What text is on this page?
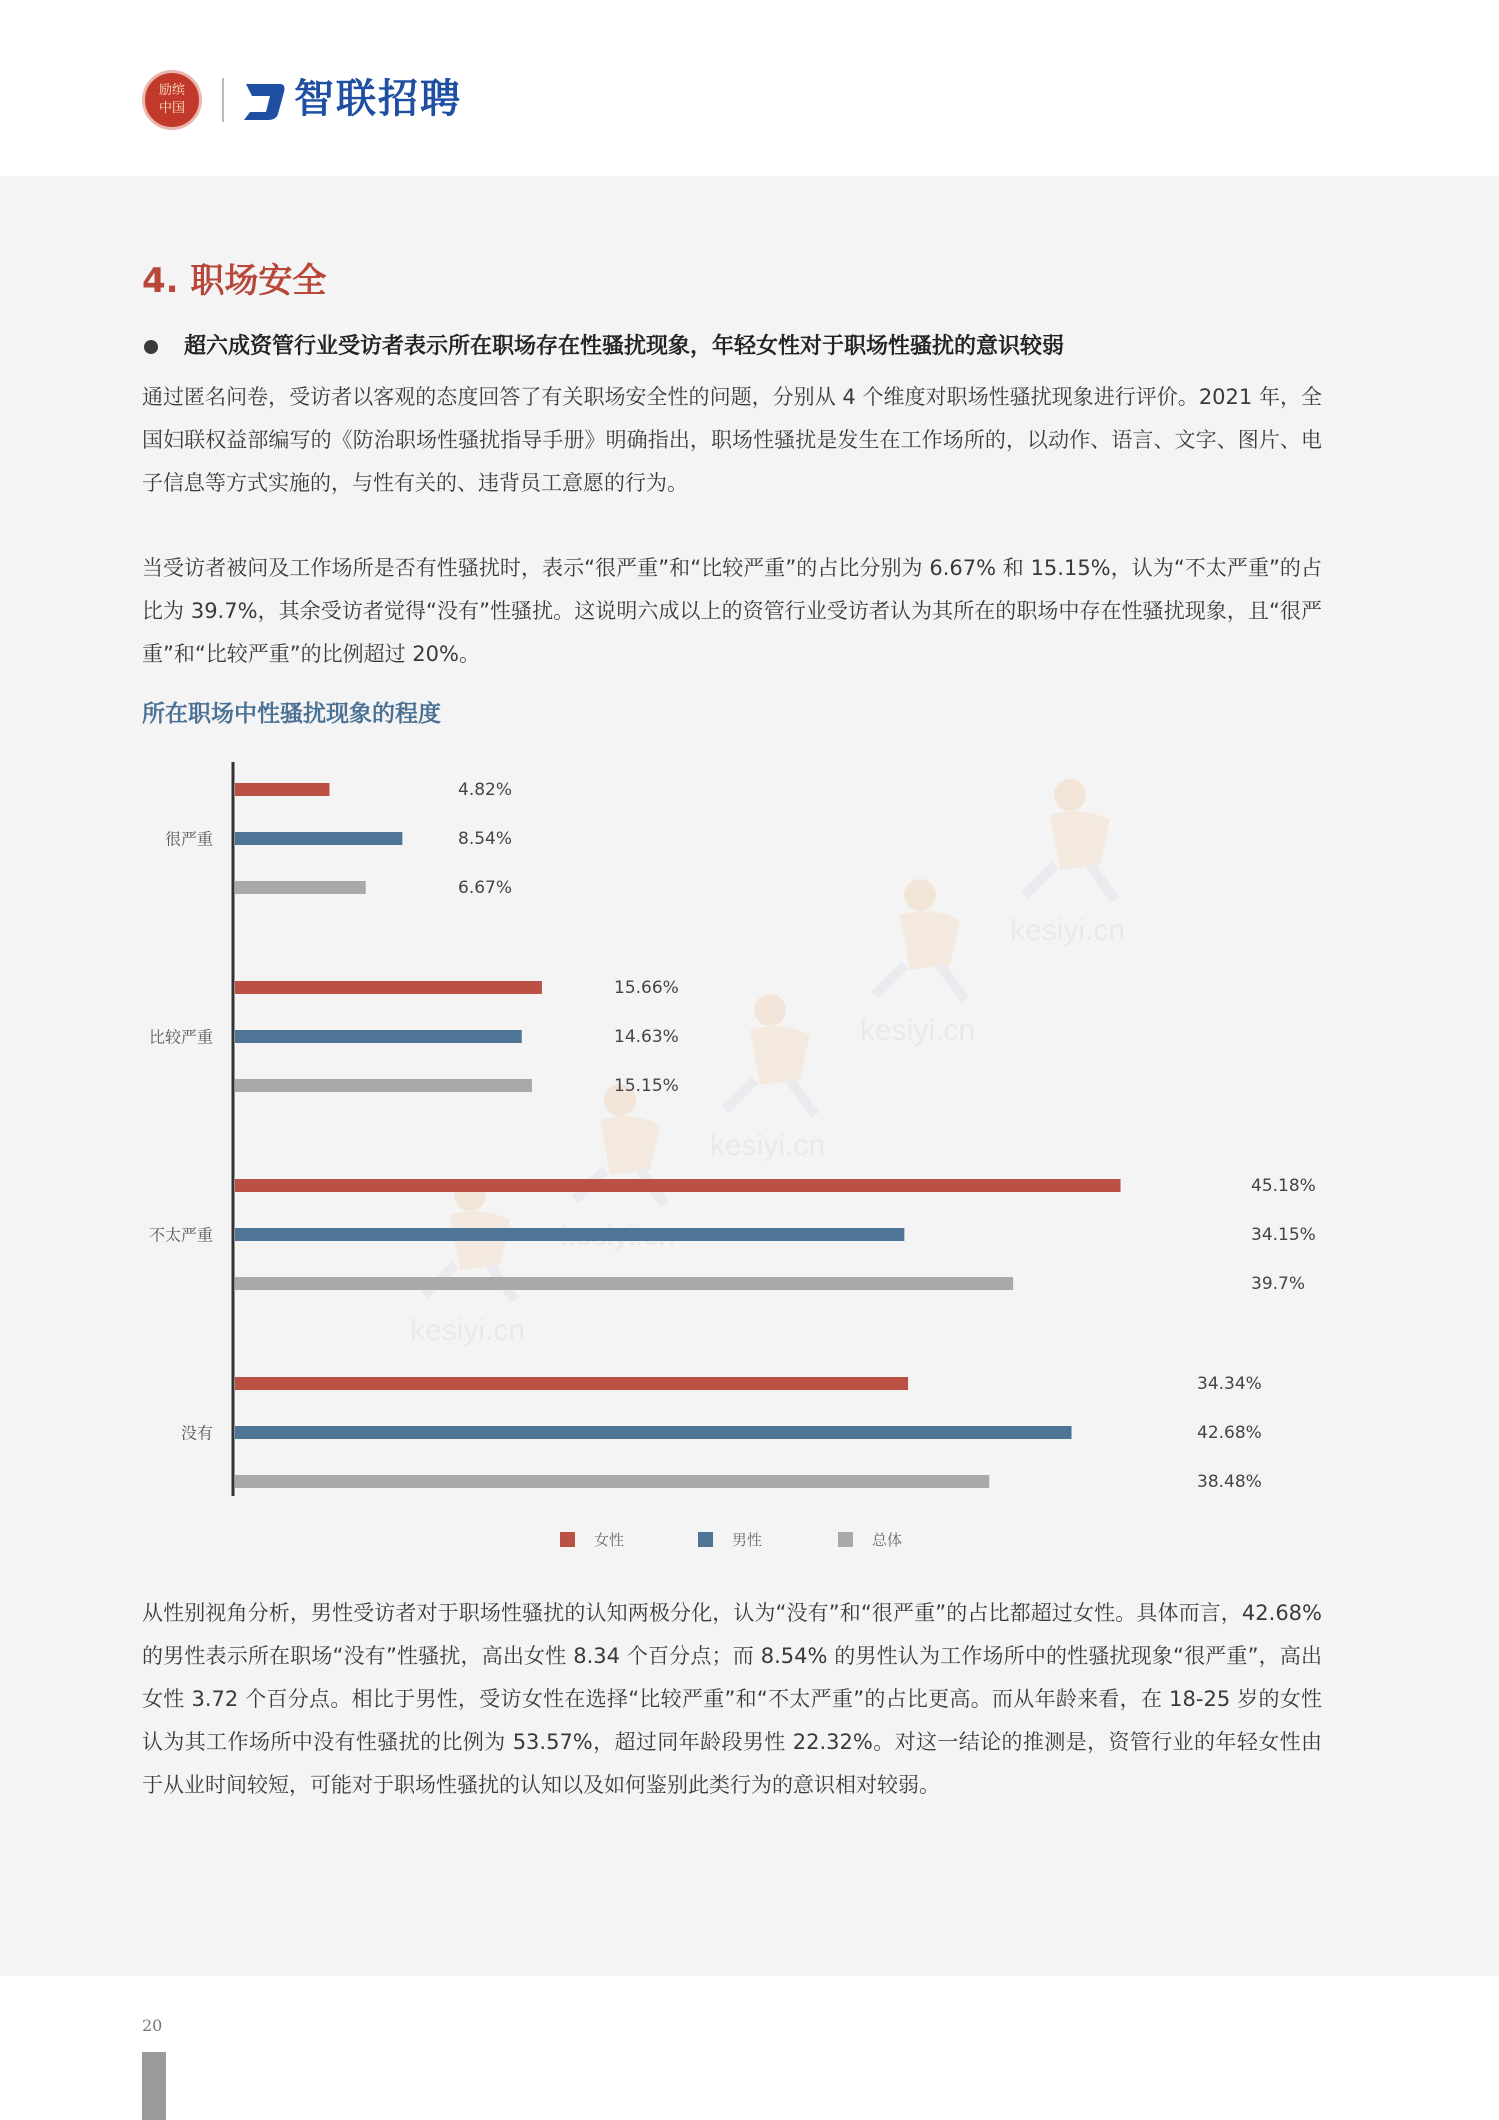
励缤
中国	智联招聘
4. 职场安全
超六成资管行业受访者表示所在职场存在性骚扰现象，年轻女性对于职场性骚扰的意识较弱

通过匿名问卷，受访者以客观的态度回答了有关职场安全性的问题，分别从 4 个维度对职场性骚扰现象进行评价。2021 年，全国妇联权益部编写的《防治职场性骚扰指导手册》明确指出，职场性骚扰是发生在工作场所的，以动作、语言、文字、图片、电子信息等方式实施的，与性有关的、违背员工意愿的行为。

当受访者被问及工作场所是否有性骚扰时，表示“很严重”和“比较严重”的占比分别为 6.67% 和 15.15%，认为“不太严重”的占比为 39.7%，其余受访者觉得“没有”性骚扰。这说明六成以上的资管行业受访者认为其所在的职场中存在性骚扰现象，且“很严重”和“比较严重”的比例超过 20%。

所在职场中性骚扰现象的程度
kesiyi.cn
kesiyi.cn
kesiyi.cn
kesiyi.cn
很严重
4.82%
8.54%
6.67%
比较严重
15.66%
14.63%
15.15%
不太严重
45.18%
34.15%
39.7%
没有
34.34%
42.68%
38.48%
女性	男性	总体

从性别视角分析，男性受访者对于职场性骚扰的认知两极分化，认为“没有”和“很严重”的占比都超过女性。具体而言，42.68% 的男性表示所在职场“没有”性骚扰，高出女性 8.34 个百分点；而 8.54% 的男性认为工作场所中的性骚扰现象“很严重”，高出女性 3.72 个百分点。相比于男性，受访女性在选择“比较严重”和“不太严重”的占比更高。而从年龄来看，在 18-25 岁的女性认为其工作场所中没有性骚扰的比例为 53.57%，超过同年龄段男性 22.32%。对这一结论的推测是，资管行业的年轻女性由于从业时间较短，可能对于职场性骚扰的认知以及如何鉴别此类行为的意识相对较弱。

20
